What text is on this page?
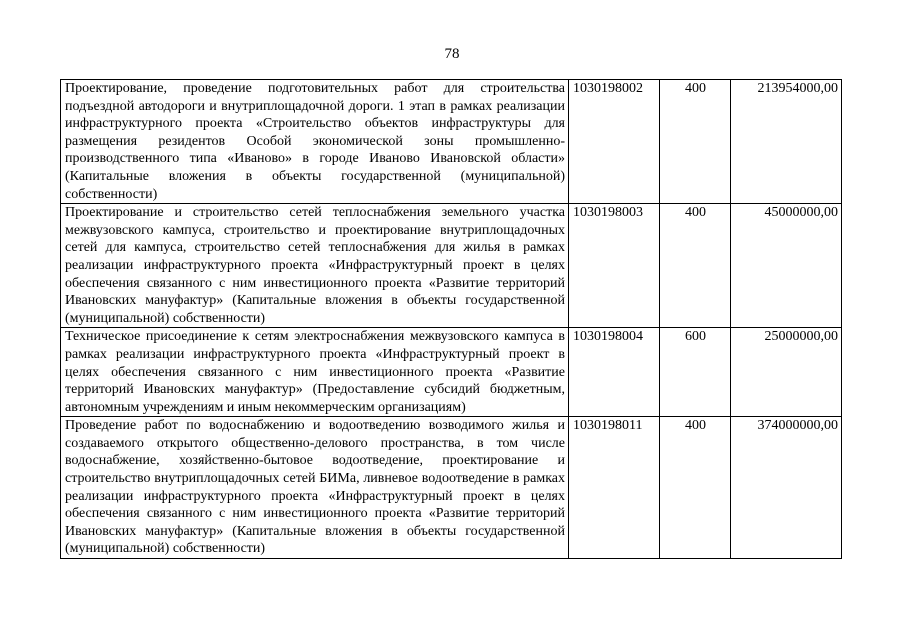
78
Проектирование, проведение подготовительных работ для строительства подъездной автодороги и внутриплощадочной дороги. 1 этап в рамках реализации инфраструктурного проекта «Строительство объектов инфраструктуры для размещения резидентов Особой экономической зоны промышленно-производственного типа «Иваново» в городе Иваново Ивановской области» (Капитальные вложения в объекты государственной (муниципальной) собственности)	1030198002	400	213954000,00
Проектирование и строительство сетей теплоснабжения земельного участка межвузовского кампуса, строительство и проектирование внутриплощадочных сетей для кампуса, строительство сетей теплоснабжения для жилья в рамках реализации инфраструктурного проекта «Инфраструктурный проект в целях обеспечения связанного с ним инвестиционного проекта «Развитие территорий Ивановских мануфактур» (Капитальные вложения в объекты государственной (муниципальной) собственности)	1030198003	400	45000000,00
Техническое присоединение к сетям электроснабжения межвузовского кампуса в рамках реализации инфраструктурного проекта «Инфраструктурный проект в целях обеспечения связанного с ним инвестиционного проекта «Развитие территорий Ивановских мануфактур» (Предоставление субсидий бюджетным, автономным учреждениям и иным некоммерческим организациям)	1030198004	600	25000000,00
Проведение работ по водоснабжению и водоотведению возводимого жилья и создаваемого открытого общественно-делового пространства, в том числе водоснабжение, хозяйственно-бытовое водоотведение, проектирование и строительство внутриплощадочных сетей БИМа, ливневое водоотведение в рамках реализации инфраструктурного проекта «Инфраструктурный проект в целях обеспечения связанного с ним инвестиционного проекта «Развитие территорий Ивановских мануфактур» (Капитальные вложения в объекты государственной (муниципальной) собственности)	1030198011	400	374000000,00
